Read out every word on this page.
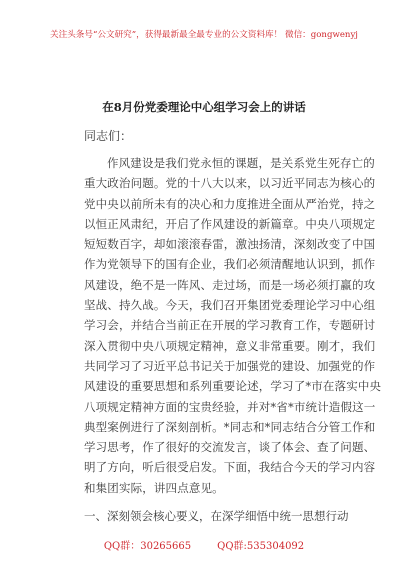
关注头条号“公文研究”，获得最新最全最专业的公文资料库！ 微信：gongwenyj
在8月份党委理论中心组学习会上的讲话
同志们：
作风建设是我们党永恒的课题，是关系党生死存亡的
重大政治问题。党的十八大以来，以习近平同志为核心的
党中央以前所未有的决心和力度推进全面从严治党，持之
以恒正风肃纪，开启了作风建设的新篇章。中央八项规定
短短数百字，却如滚滚春雷，激浊扬清，深刻改变了中国
作为党领导下的国有企业，我们必须清醒地认识到，抓作
风建设，绝不是一阵风、走过场，而是一场必须打赢的攻
坚战、持久战。今天，我们召开集团党委理论学习中心组
学习会，并结合当前正在开展的学习教育工作，专题研讨
深入贯彻中央八项规定精神，意义非常重要。刚才，我们
共同学习了习近平总书记关于加强党的建设、加强党的作
风建设的重要思想和系列重要论述，学习了*市在落实中央
八项规定精神方面的宝贵经验，并对*省*市统计造假这一
典型案例进行了深刻剖析。*同志和*同志结合分管工作和
学习思考，作了很好的交流发言，谈了体会、查了问题、
明了方向，听后很受启发。下面，我结合今天的学习内容
和集团实际，讲四点意见。
一、深刻领会核心要义，在深学细悟中统一思想行动
QQ群：30265665	QQ群:535304092
